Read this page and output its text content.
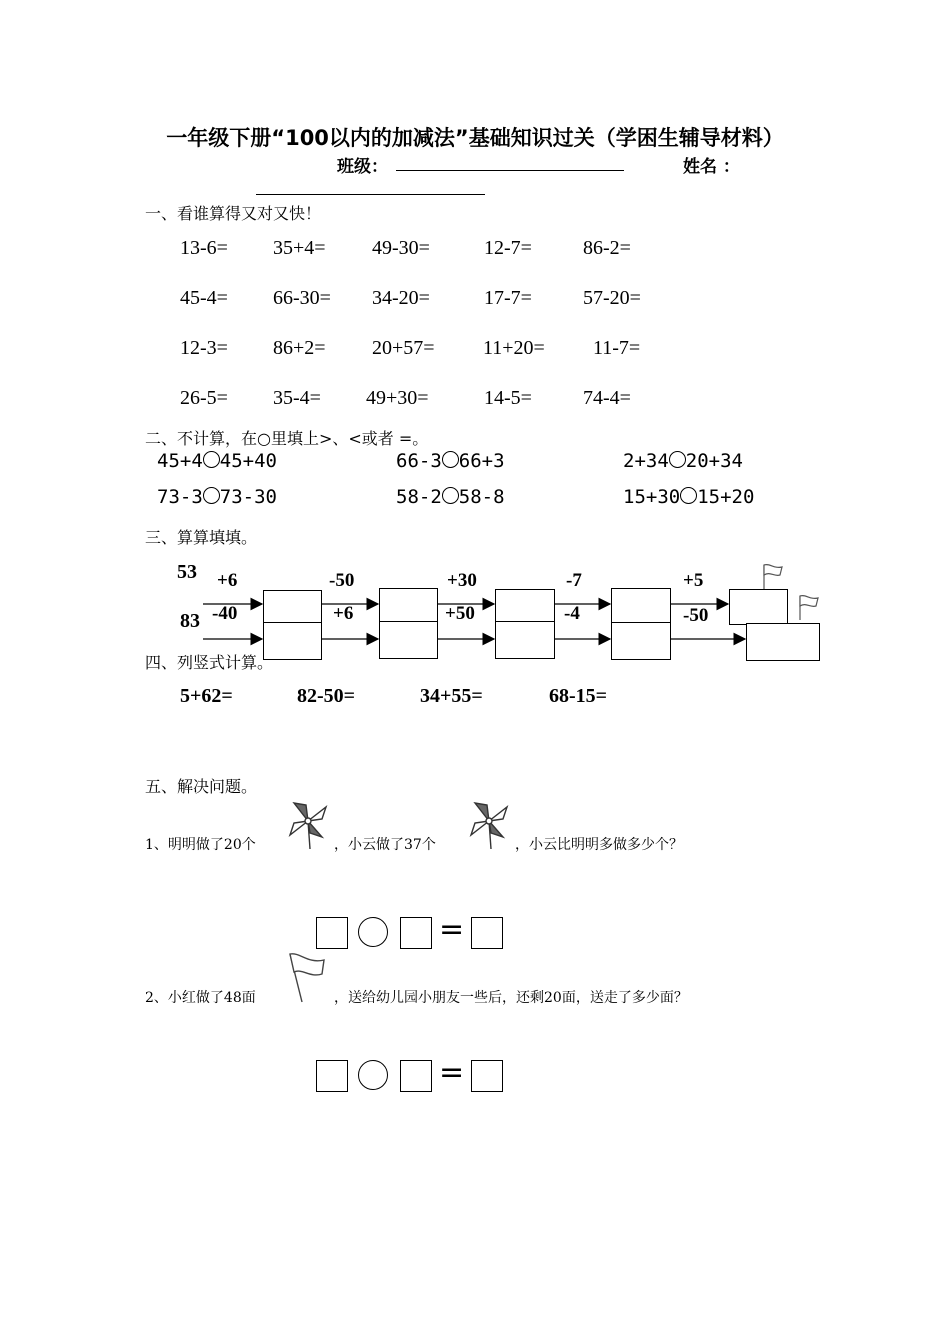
一年级下册“100以内的加减法”基础知识过关（学困生辅导材料）
班级：	姓名 ：
一、看谁算得又对又快！
13-6= 35+4= 49-30=	12-7=	86-2=
45-4= 66-30= 34-20=	17-7=	57-20=
12-3= 86+2= 20+57= 11+20= 11-7=
26-5= 35-4= 49+30=	14-5=	74-4=
二、不计算，在○里填上>、<或者 =。
45+4 45+40	66-3 66+3	2+34 20+34
73-3 73-30	58-2 58-8	15+30 15+20
三、算算填填。
53 +6	-50	+30	-7	+5
83 -40	+6	+50	-4	-50
四、列竖式计算。
5+62=	82-50=	34+55=	68-15=
五、解决问题。
1、明明做了20个	，小云做了37个	，小云比明明多做多少个？
=
2、小红做了48面	，送给幼儿园小朋友一些后，还剩20面，送走了多少面？
=
